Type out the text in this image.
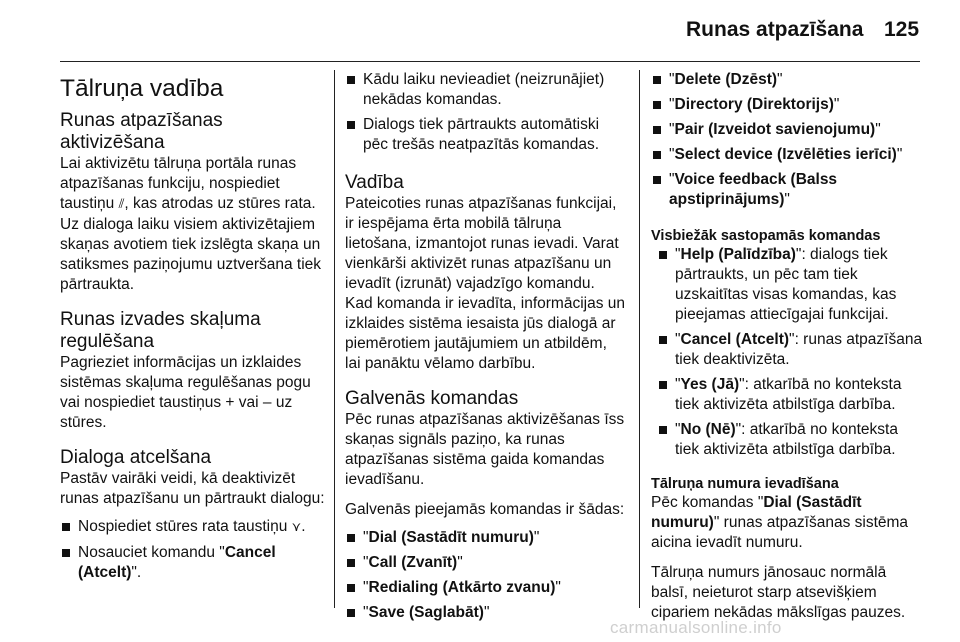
Runas atpazīšana 125
Tālruņa vadība
Runas atpazīšanas aktivizēšana

Lai aktivizētu tālruņa portāla runas atpazīšanas funkciju, nospiediet taustiņu ⫽, kas atrodas uz stūres rata. Uz dialoga laiku visiem aktivizētajiem skaņas avotiem tiek izslēgta skaņa un satiksmes paziņojumu uztveršana tiek pārtraukta.

Runas izvades skaļuma regulēšana

Pagrieziet informācijas un izklaides sistēmas skaļuma regulēšanas pogu vai nospiediet taustiņus + vai – uz stūres.

Dialoga atcelšana

Pastāv vairāki veidi, kā deaktivizēt runas atpazīšanu un pārtraukt dialogu:

Nospiediet stūres rata taustiņu ⋎.
Nosauciet komandu "Cancel (Atcelt)".
Kādu laiku nevieadiet (neizrunājiet) nekādas komandas.
Dialogs tiek pārtraukts automātiski pēc trešās neatpazītās komandas.
Vadība

Pateicoties runas atpazīšanas funkcijai, ir iespējama ērta mobilā tālruņa lietošana, izmantojot runas ievadi. Varat vienkārši aktivizēt runas atpazīšanu un ievadīt (izrunāt) vajadzīgo komandu. Kad komanda ir ievadīta, informācijas un izklaides sistēma iesaista jūs dialogā ar piemērotiem jautājumiem un atbildēm, lai panāktu vēlamo darbību.

Galvenās komandas

Pēc runas atpazīšanas aktivizēšanas īss skaņas signāls paziņo, ka runas atpazīšanas sistēma gaida komandas ievadīšanu.

Galvenās pieejamās komandas ir šādas:

"Dial (Sastādīt numuru)"
"Call (Zvanīt)"
"Redialing (Atkārto zvanu)"
"Save (Saglabāt)"
"Delete (Dzēst)"
"Directory (Direktorijs)"
"Pair (Izveidot savienojumu)"
"Select device (Izvēlēties ierīci)"
"Voice feedback (Balss apstiprinājums)"
Visbiežāk sastopamās komandas
"Help (Palīdzība)": dialogs tiek pārtraukts, un pēc tam tiek uzskaitītas visas komandas, kas pieejamas attiecīgajai funkcijai.
"Cancel (Atcelt)": runas atpazīšana tiek deaktivizēta.
"Yes (Jā)": atkarībā no konteksta tiek aktivizēta atbilstīga darbība.
"No (Nē)": atkarībā no konteksta tiek aktivizēta atbilstīga darbība.
Tālruņa numura ievadīšana

Pēc komandas "Dial (Sastādīt numuru)" runas atpazīšanas sistēma aicina ievadīt numuru.

Tālruņa numurs jānosauc normālā balsī, neieturot starp atsevišķiem cipariem nekādas mākslīgas pauzes.

carmanualsonline.info
